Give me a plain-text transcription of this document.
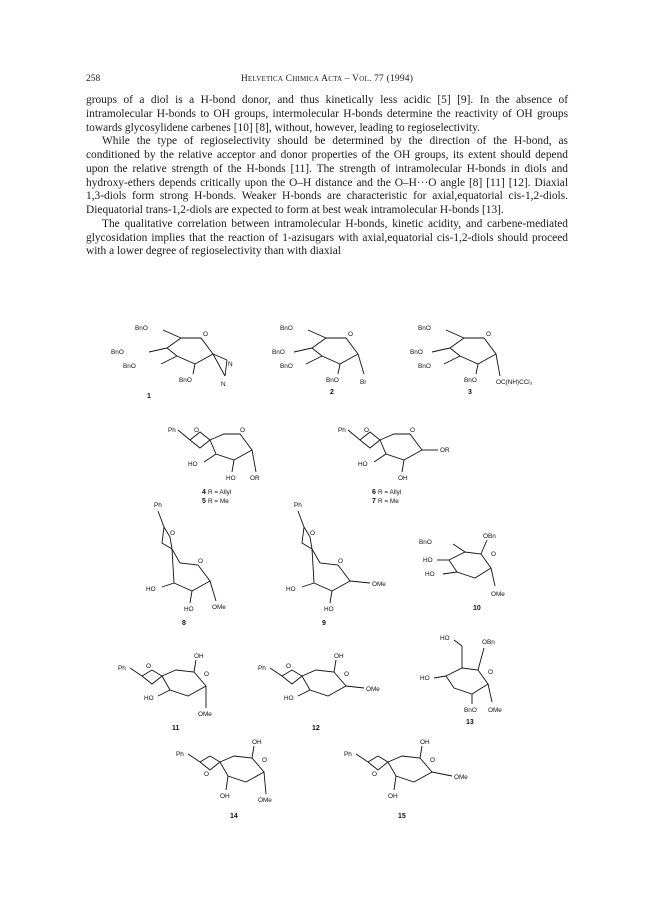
258	Helvetica Chimica Acta – Vol. 77 (1994)

groups of a diol is a H-bond donor, and thus kinetically less acidic [5] [9]. In the absence of intramolecular H-bonds to OH groups, intermolecular H-bonds determine the reactivity of OH groups towards glycosylidene carbenes [10] [8], without, however, leading to regioselectivity.

While the type of regioselectivity should be determined by the direction of the H-bond, as conditioned by the relative acceptor and donor properties of the OH groups, its extent should depend upon the relative strength of the H-bonds [11]. The strength of intramolecular H-bonds in diols and hydroxy-ethers depends critically upon the O–H distance and the O–H···O angle [8] [11] [12]. Diaxial 1,3-diols form strong H-bonds. Weaker H-bonds are characteristic for axial,equatorial cis-1,2-diols. Diequatorial trans-1,2-diols are expected to form at best weak intramolecular H-bonds [13].

The qualitative correlation between intramolecular H-bonds, kinetic acidity, and carbene-mediated glycosidation implies that the reaction of 1-azisugars with axial,equatorial cis-1,2-diols should proceed with a lower degree of regioselectivity than with diaxial

BnO
BnO
BnO
O
BnO
N
N
1
BnO
BnO
BnO
O
BnO	Br
2
BnO
BnO
BnO
O
BnO	OC(NH)CCl₃
3
Ph	O	O
HO
HO OR
4 R = Allyl
5 R = Me
Ph	O	O
HO
OH
OR
6 R = Allyl
7 R = Me
Ph
O
O
HO
HO	OMe
8
Ph
O
O
HO
HO
OMe
9
BnO
OBn
HO
O
HO
OMe
10
Ph	O
OH
O
HO
OMe
11
Ph	O
OH
O
HO
OMe
12
HO
OBn
O
HO
BnO OMe
13
Ph
O
OH
O
OH
OMe
14
Ph
O
OH
O
OH
OMe
15
